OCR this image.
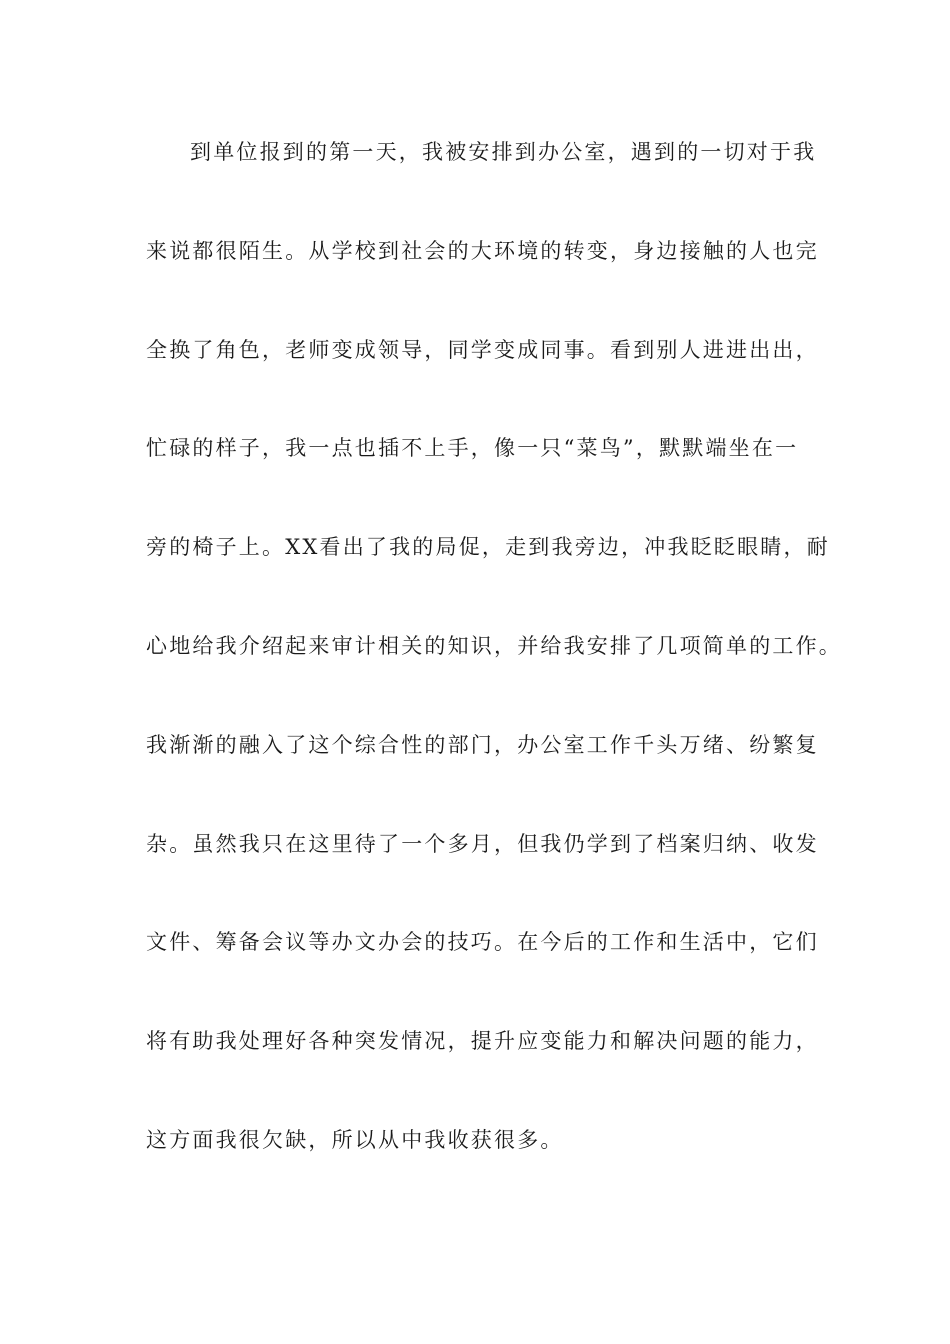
到单位报到的第一天，我被安排到办公室，遇到的一切对于我
来说都很陌生。从学校到社会的大环境的转变，身边接触的人也完
全换了角色，老师变成领导，同学变成同事。看到别人进进出出，
忙碌的样子，我一点也插不上手，像一只“菜鸟”，默默端坐在一
旁的椅子上。XX看出了我的局促，走到我旁边，冲我眨眨眼睛，耐
心地给我介绍起来审计相关的知识，并给我安排了几项简单的工作。
我渐渐的融入了这个综合性的部门，办公室工作千头万绪、纷繁复
杂。虽然我只在这里待了一个多月，但我仍学到了档案归纳、收发
文件、筹备会议等办文办会的技巧。在今后的工作和生活中，它们
将有助我处理好各种突发情况，提升应变能力和解决问题的能力，
这方面我很欠缺，所以从中我收获很多。
